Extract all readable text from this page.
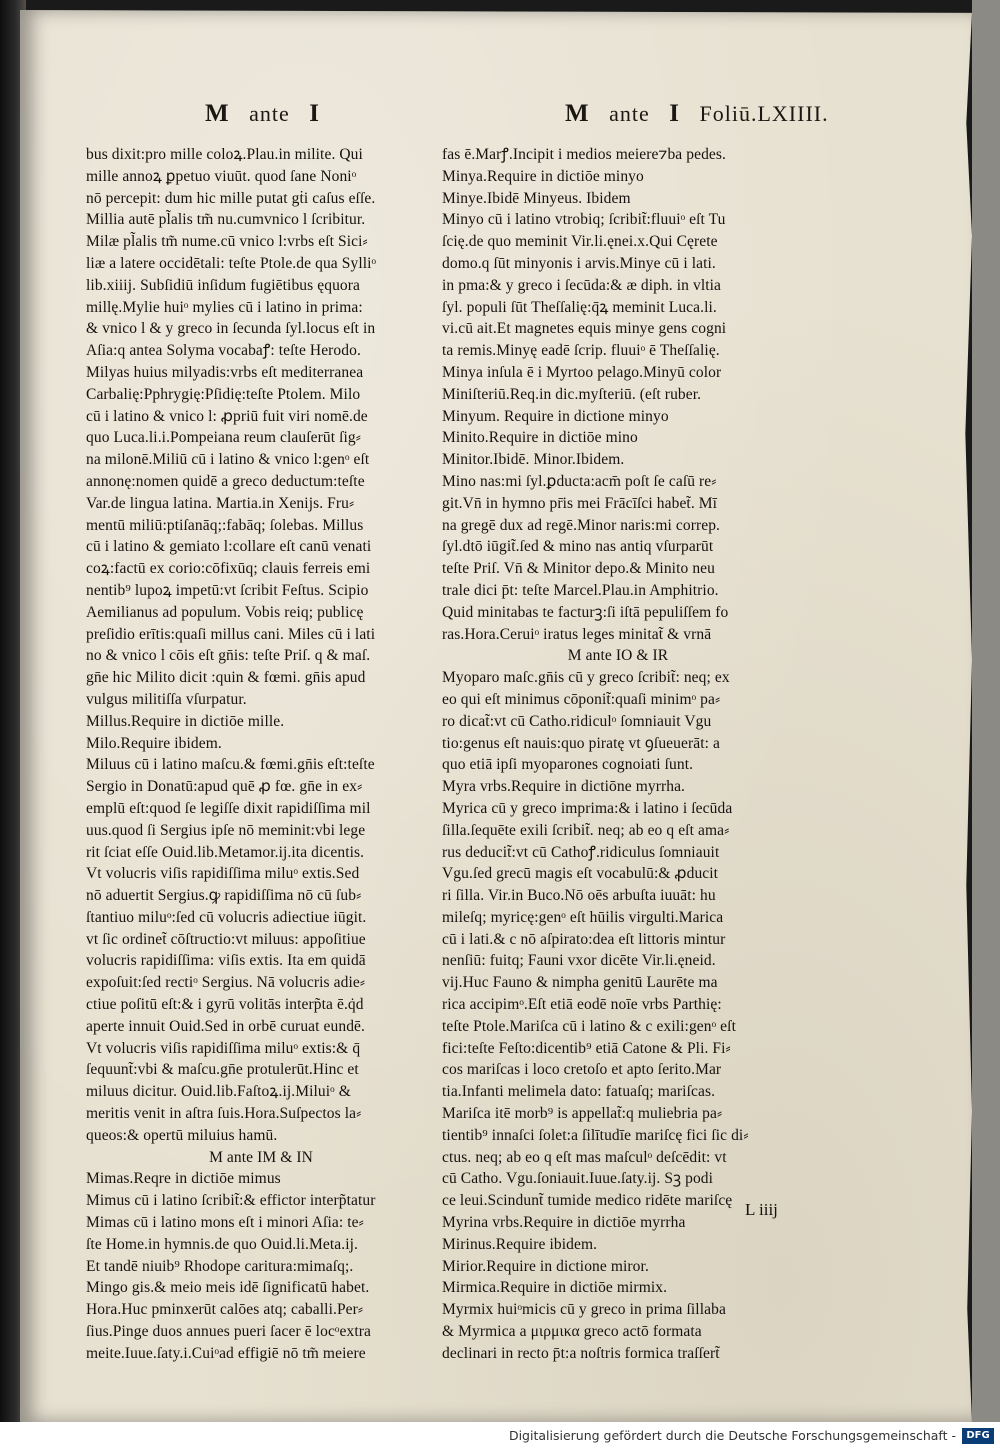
M ante I	M ante I Foliū.LXIIII.
bus dixit:pro mille coloꝝ.Plau.in milite. Qui
mille annoꝝ ꝑpetuo viuūt. quod ſane Noniᵒ
nō percepit: dum hic mille putat gṫi caſus eſſe.
Millia autē pl̃alis tm̃ nu.cumvnico l ſcribitur.
Milæ pl̃alis tm̃ nume.cū vnico l:vrbs eſt Sici⸗
liæ a latere occidētali: teſte Ptole.de qua Sylliᵒ
lib.xiiij. Subſidiū inſidum fugiētibus ęquora
millę.Mylie huiᵒ mylies cū i latino in prima:
& vnico l & y greco in ſecunda ſyl.locus eſt in
Aſia:q antea Solyma vocabaꝭ: teſte Herodo.
Milyas huius milyadis:vrbs eſt mediterranea
Carbalię:Pphrygię:Pſidię:teſte Ptolem. Milo
cū i latino & vnico l: ꝓpriū fuit viri nomē.de
quo Luca.li.i.Pompeiana reum clauſerūt ſig⸗
na milonē.Miliū cū i latino & vnico l:genᵒ eſt
annonę:nomen quidē a greco deductum:teſte
Var.de lingua latina. Martia.in Xenijs. Fru⸗
mentū miliū:ptiſanāq;:fabāq; ſolebas. Millus
cū i latino & gemiato l:collare eſt canū venati
coꝝ:factū ex corio:cōfixūq; clauis ferreis emi
nentib⁹ lupoꝝ impetū:vt ſcribit Feſtus. Scipio
Aemilianus ad populum. Vobis reiq; publicę
preſidio erītis:quaſi millus cani. Miles cū i lati
no & vnico l cōis eſt gn̄is: teſte Priſ. q & maſ.
gn̄e hic Milito dicit :quin & fœmi. gn̄is apud
vulgus militiſſa vſurpatur.
Millus.Require in dictiōe mille.
Milo.Require ibidem.
Miluus cū i latino maſcu.& fœmi.gn̄is eſt:teſte
Sergio in Donatū:apud quē ꝓ fœ. gn̄e in ex⸗
emplū eſt:quod ſe legiſſe dixit rapidiſſima mil
uus.quod ſi Sergius ipſe nō meminit:vbi lege
rit ſciat eſſe Ouid.lib.Metamor.ij.ita dicentis.
Vt volucris viſis rapidiſſima miluᵒ extis.Sed
nō aduertit Sergius.ꝙ rapidiſſima nō cū ſub⸗
ſtantiuo miluᵒ:ſed cū volucris adiectiue iūgit.
vt ſic ordinet̃ cōſtructio:vt miluus: appoſitiue
volucris rapidiſſima: viſis extis. Ita em quidā
expoſuit:ſed rectiᵒ Sergius. Nā volucris adie⸗
ctiue poſitū eſt:& i gyrū volitās interp̃ta ē.q̇d
aperte innuit Ouid.Sed in orbē curuat eundē.
Vt volucris viſis rapidiſſima miluᵒ extis:& q̄
ſequunt̃:vbi & maſcu.gn̄e protulerūt.Hinc et
miluus dicitur. Ouid.lib.Faſtoꝝ.ij.Miluiᵒ &
meritis venit in aſtra ſuis.Hora.Suſpectos la⸗
queos:& opertū miluius hamū.
M ante IM & IN
Mimas.Reqre in dictiōe mimus
Mimus cū i latino ſcribit̃:& effictor interp̃tatur
Mimas cū i latino mons eſt i minori Aſia: te⸗
ſte Home.in hymnis.de quo Ouid.li.Meta.ij.
Et tandē niuib⁹ Rhodope caritura:mimaſq;.
Mingo gis.& meio meis idē ſignificatū habet.
Hora.Huc pminxerūt calōes atq; caballi.Per⸗
ſius.Pinge duos annues pueri ſacer ē locᵒextra
meite.Iuue.ſaty.i.Cuiᵒad effigiē nō tm̃ meiere
fas ē.Marꝭ.Incipit i medios meiere⁊ba pedes.
Minya.Require in dictiōe minyo
Minye.Ibidē Minyeus. Ibidem
Minyo cū i latino vtrobiq; ſcribit̃:fluuiᵒ eſt Tu
ſcię.de quo meminit Vir.li.ęnei.x.Qui Cęrete
domo.q ſūt minyonis i arvis.Minye cū i lati.
in pma:& y greco i ſecūda:& æ diph. in vltia
ſyl. populi ſūt Theſſalię:q̄ꝝ meminit Luca.li.
vi.cū ait.Et magnetes equis minye gens cogni
ta remis.Minyę eadē ſcrip. fluuiᵒ ē Theſſalię.
Minya inſula ē i Myrtoo pelago.Minyū color
Miniſteriū.Req.in dic.myſteriū. (eſt ruber.
Minyum. Require in dictione minyo
Minito.Require in dictiōe mino
Minitor.Ibidē. Minor.Ibidem.
Mino nas:mi ſyl.ꝑducta:acm̄ poſt ſe caſū re⸗
git.Vn̄ in hymno pr̄is mei Frācīſci habet̃. Mī
na gregē dux ad regē.Minor naris:mi correp.
ſyl.dtō iūgit̃.ſed & mino nas antiq vſurparūt
teſte Priſ. Vn̄ & Minitor depo.& Minito neu
trale dici p̄t: teſte Marcel.Plau.in Amphitrio.
Quid minitabas te facturꝫ:ſi iſtā pepuliſſem fo
ras.Hora.Ceruiᵒ iratus leges minitat̃ & vrnā
M ante IO & IR
Myoparo maſc.gn̄is cū y greco ſcribit̃: neq; ex
eo qui eſt minimus cōponit̃:quaſi minimᵒ pa⸗
ro dicat̃:vt cū Catho.ridiculᵒ ſomniauit Vgu
tio:genus eſt nauis:quo piratę vt ꝯſueuerāt: a
quo etiā ipſi myoparones cognoiati ſunt.
Myra vrbs.Require in dictiōne myrrha.
Myrica cū y greco imprima:& i latino i ſecūda
ſilla.ſequēte exili ſcribit̃. neq; ab eo q eſt ama⸗
rus deducit̃:vt cū Cathoꝭ.ridiculus ſomniauit
Vgu.ſed grecū magis eſt vocabulū:& ꝓducit
ri ſilla. Vir.in Buco.Nō oēs arbuſta iuuāt: hu
mileſq; myricę:genᵒ eſt hūilis virgulti.Marica
cū i lati.& c nō aſpirato:dea eſt littoris mintur
nenſiū: fuitq; Fauni vxor dicēte Vir.li.ęneid.
vij.Huc Fauno & nimpha genitū Laurēte ma
rica accipimᵒ.Eſt etiā eodē noīe vrbs Parthię:
teſte Ptole.Mariſca cū i latino & c exili:genᵒ eſt
fici:teſte Feſto:dicentib⁹ etiā Catone & Pli. Fi⸗
cos mariſcas i loco cretoſo et apto ſerito.Mar
tia.Infanti melimela dato: fatuaſq; mariſcas.
Mariſca itē morb⁹ is appellat̃:q muliebria pa⸗
tientib⁹ innaſci ſolet:a ſilītudīe mariſcę fici ſic di⸗
ctus. neq; ab eo q eſt mas maſculᵒ deſcēdit: vt
cū Catho. Vgu.ſoniauit.Iuue.ſaty.ij. Sꝫ podi
ce leui.Scindunt̃ tumide medico ridēte mariſcę
Myrina vrbs.Require in dictiōe myrrha
Mirinus.Require ibidem.
Mirior.Require in dictione miror.
Mirmica.Require in dictiōe mirmix.
Myrmix huiᵒmicis cū y greco in prima ſillaba
& Myrmica a μιρμικα greco actō formata
declinari in recto p̄t:a noſtris formica traſſert̃
L iiij
Digitalisierung gefördert durch die Deutsche Forschungsgemeinschaft -	DFG
